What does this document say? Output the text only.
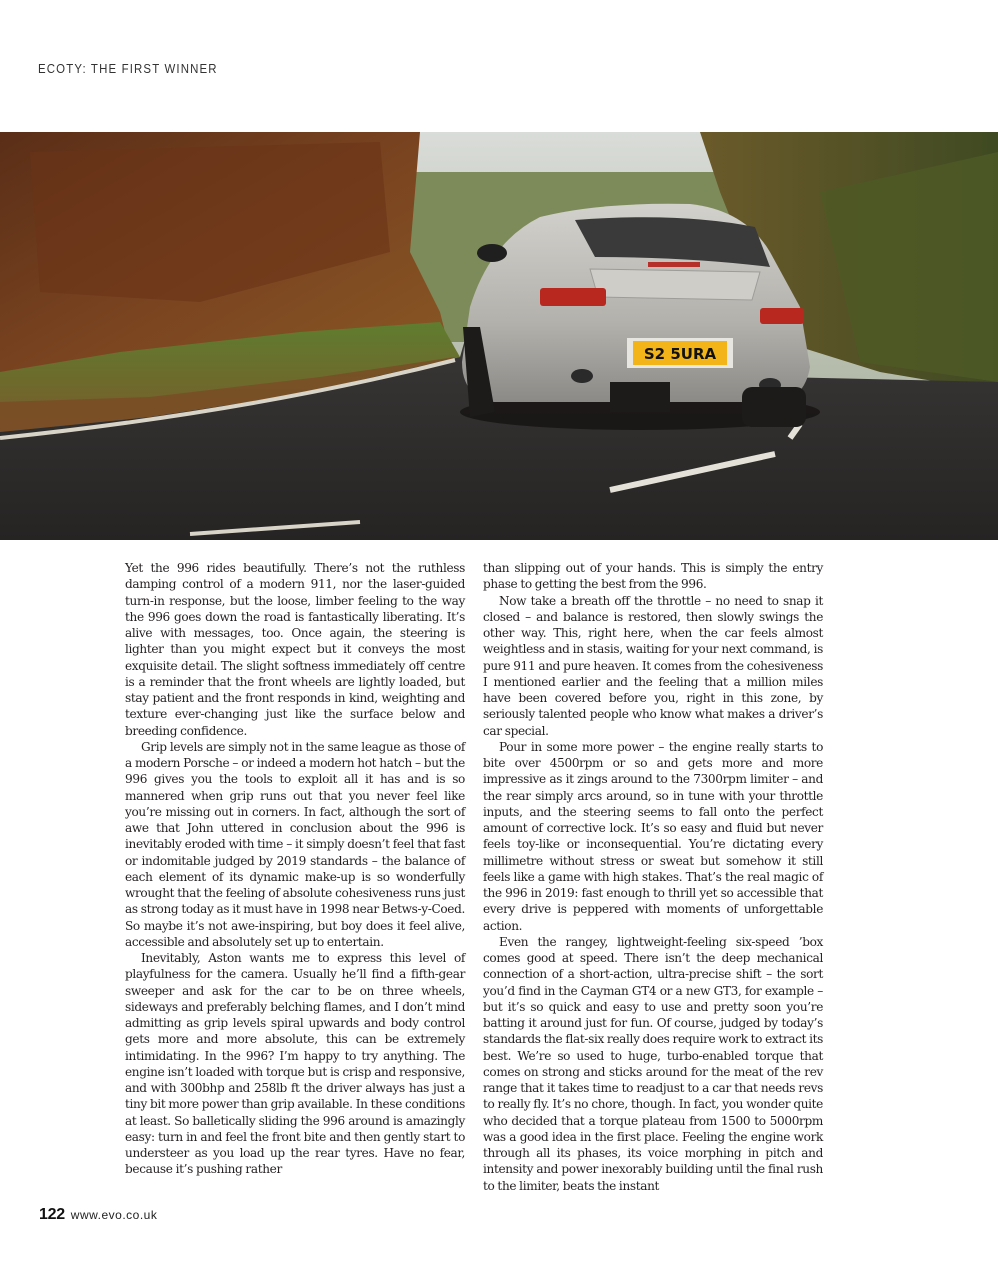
ECOTY: THE FIRST WINNER
S2 5URA

Yet the 996 rides beautifully. There’s not the ruthless damping control of a modern 911, nor the laser-guided turn-in response, but the loose, limber feeling to the way the 996 goes down the road is fantastically liberating. It’s alive with messages, too. Once again, the steering is lighter than you might expect but it conveys the most exquisite detail. The slight softness immediately off centre is a reminder that the front wheels are lightly loaded, but stay patient and the front responds in kind, weighting and texture ever-changing just like the surface below and breeding confidence.

Grip levels are simply not in the same league as those of a modern Porsche – or indeed a modern hot hatch – but the 996 gives you the tools to exploit all it has and is so mannered when grip runs out that you never feel like you’re missing out in corners. In fact, although the sort of awe that John uttered in conclusion about the 996 is inevitably eroded with time – it simply doesn’t feel that fast or indomitable judged by 2019 standards – the balance of each element of its dynamic make-up is so wonderfully wrought that the feeling of absolute cohesiveness runs just as strong today as it must have in 1998 near Betws-y-Coed. So maybe it’s not awe-inspiring, but boy does it feel alive, accessible and absolutely set up to entertain.

Inevitably, Aston wants me to express this level of playfulness for the camera. Usually he’ll find a fifth-gear sweeper and ask for the car to be on three wheels, sideways and preferably belching flames, and I don’t mind admitting as grip levels spiral upwards and body control gets more and more absolute, this can be extremely intimidating. In the 996? I’m happy to try anything. The engine isn’t loaded with torque but is crisp and responsive, and with 300bhp and 258lb ft the driver always has just a tiny bit more power than grip available. In these conditions at least. So balletically sliding the 996 around is amazingly easy: turn in and feel the front bite and then gently start to understeer as you load up the rear tyres. Have no fear, because it’s pushing rather

than slipping out of your hands. This is simply the entry phase to getting the best from the 996.

Now take a breath off the throttle – no need to snap it closed – and balance is restored, then slowly swings the other way. This, right here, when the car feels almost weightless and in stasis, waiting for your next command, is pure 911 and pure heaven. It comes from the cohesiveness I mentioned earlier and the feeling that a million miles have been covered before you, right in this zone, by seriously talented people who know what makes a driver’s car special.

Pour in some more power – the engine really starts to bite over 4500rpm or so and gets more and more impressive as it zings around to the 7300rpm limiter – and the rear simply arcs around, so in tune with your throttle inputs, and the steering seems to fall onto the perfect amount of corrective lock. It’s so easy and fluid but never feels toy-like or inconsequential. You’re dictating every millimetre without stress or sweat but somehow it still feels like a game with high stakes. That’s the real magic of the 996 in 2019: fast enough to thrill yet so accessible that every drive is peppered with moments of unforgettable action.

Even the rangey, lightweight-feeling six-speed ’box comes good at speed. There isn’t the deep mechanical connection of a short-action, ultra-precise shift – the sort you’d find in the Cayman GT4 or a new GT3, for example – but it’s so quick and easy to use and pretty soon you’re batting it around just for fun. Of course, judged by today’s standards the flat-six really does require work to extract its best. We’re so used to huge, turbo-enabled torque that comes on strong and sticks around for the meat of the rev range that it takes time to readjust to a car that needs revs to really fly. It’s no chore, though. In fact, you wonder quite who decided that a torque plateau from 1500 to 5000rpm was a good idea in the first place. Feeling the engine work through all its phases, its voice morphing in pitch and intensity and power inexorably building until the final rush to the limiter, beats the instant

122 www.evo.co.uk
